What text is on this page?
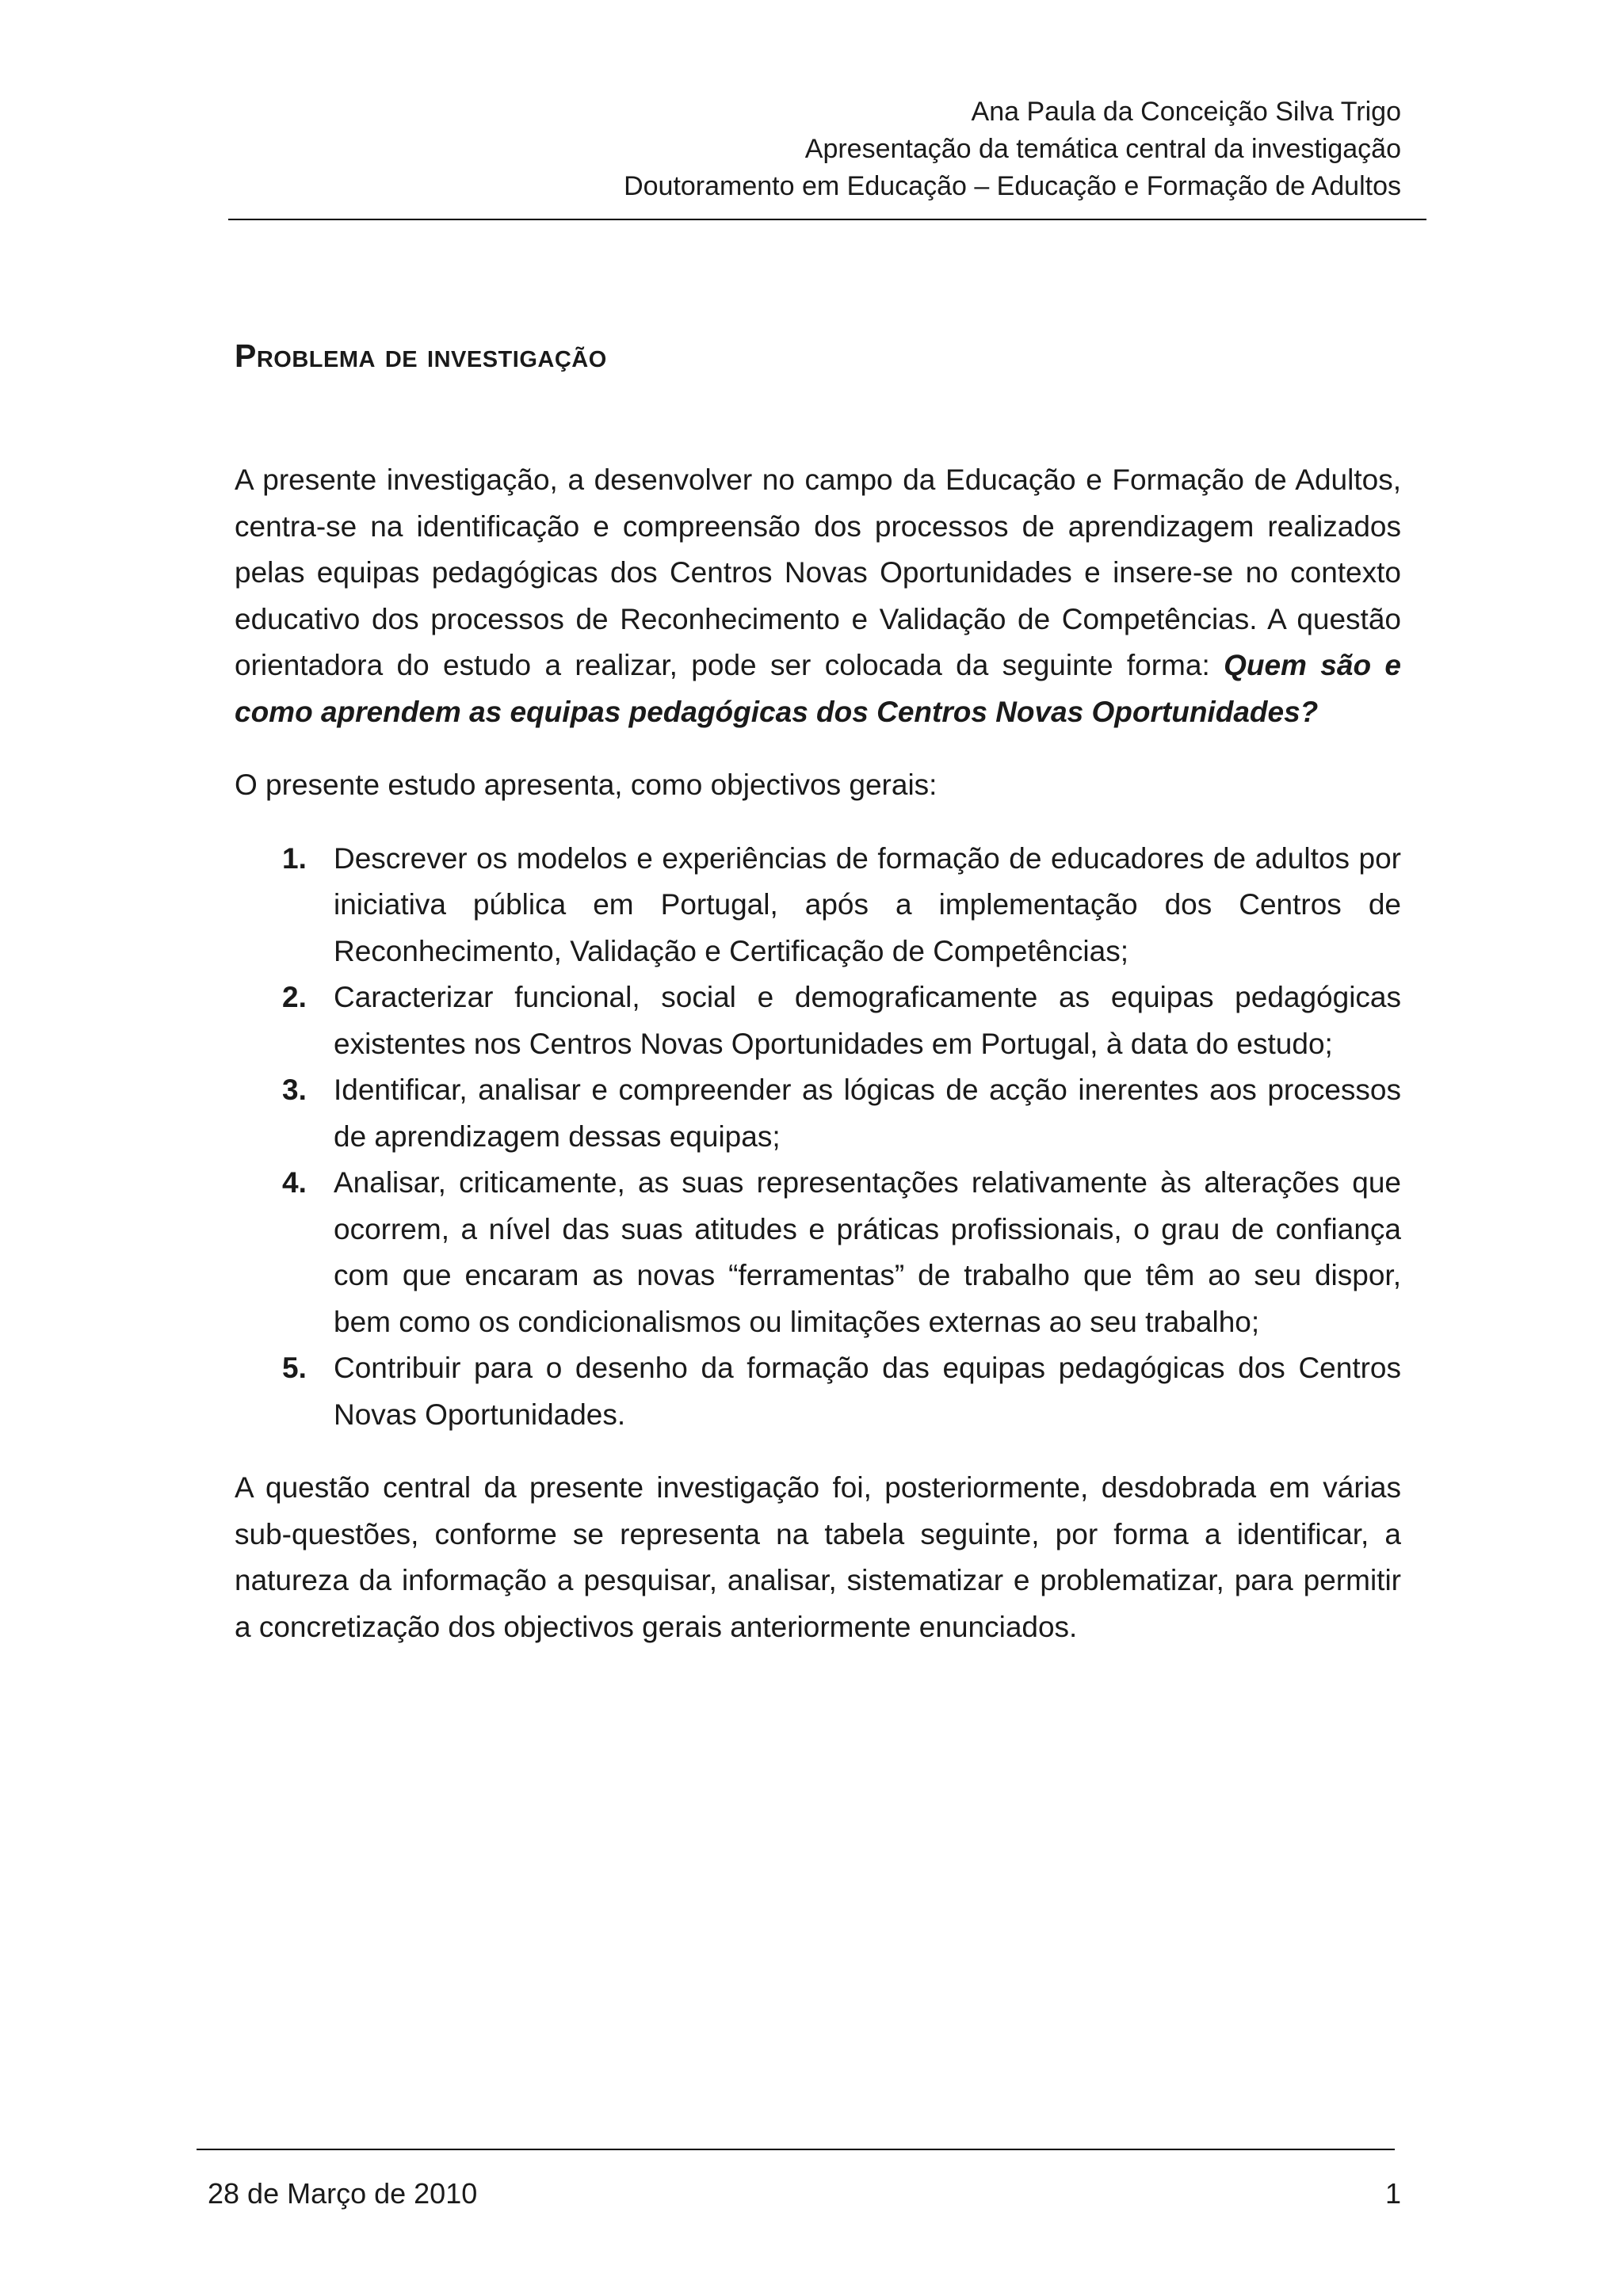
Ana Paula da Conceição Silva Trigo
Apresentação da temática central da investigação
Doutoramento em Educação – Educação e Formação de Adultos
Problema de investigação

A presente investigação, a desenvolver no campo da Educação e Formação de Adultos, centra-se na identificação e compreensão dos processos de aprendizagem realizados pelas equipas pedagógicas dos Centros Novas Oportunidades e insere-se no contexto educativo dos processos de Reconhecimento e Validação de Competências. A questão orientadora do estudo a realizar, pode ser colocada da seguinte forma: Quem são e como aprendem as equipas pedagógicas dos Centros Novas Oportunidades?

O presente estudo apresenta, como objectivos gerais:

1. Descrever os modelos e experiências de formação de educadores de adultos por iniciativa pública em Portugal, após a implementação dos Centros de Reconhecimento, Validação e Certificação de Competências;
2. Caracterizar funcional, social e demograficamente as equipas pedagógicas existentes nos Centros Novas Oportunidades em Portugal, à data do estudo;
3. Identificar, analisar e compreender as lógicas de acção inerentes aos processos de aprendizagem dessas equipas;
4. Analisar, criticamente, as suas representações relativamente às alterações que ocorrem, a nível das suas atitudes e práticas profissionais, o grau de confiança com que encaram as novas “ferramentas” de trabalho que têm ao seu dispor, bem como os condicionalismos ou limitações externas ao seu trabalho;
5. Contribuir para o desenho da formação das equipas pedagógicas dos Centros Novas Oportunidades.

A questão central da presente investigação foi, posteriormente, desdobrada em várias sub-questões, conforme se representa na tabela seguinte, por forma a identificar, a natureza da informação a pesquisar, analisar, sistematizar e problematizar, para permitir a concretização dos objectivos gerais anteriormente enunciados.

28 de Março de 2010	1
